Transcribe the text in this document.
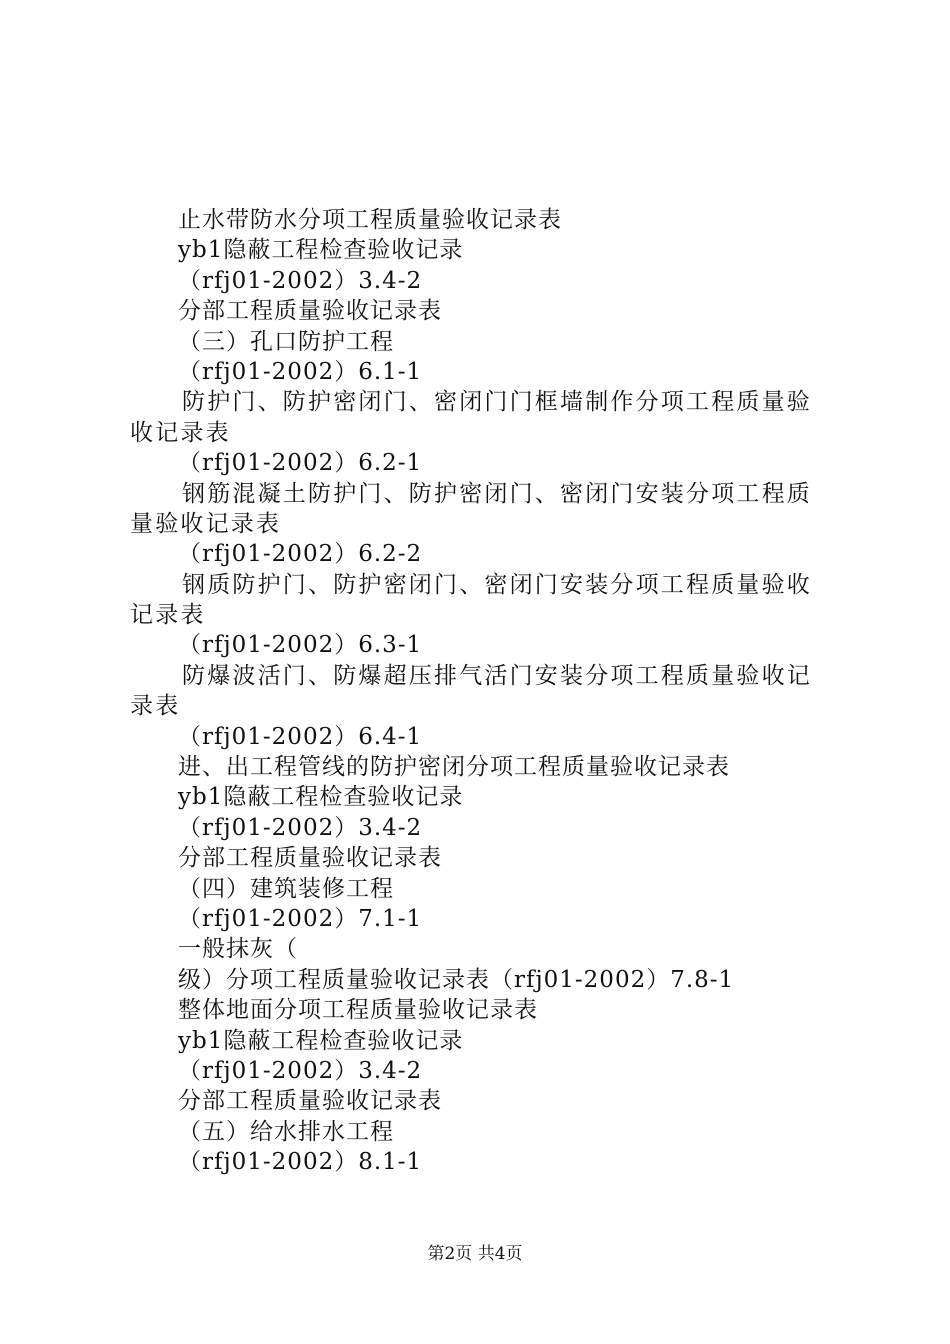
止水带防水分项工程质量验收记录表
yb1隐蔽工程检查验收记录
（rfj01-2002）3.4-2
分部工程质量验收记录表
（三）孔口防护工程
（rfj01-2002）6.1-1
防护门、防护密闭门、密闭门门框墙制作分项工程质量验
收记录表
（rfj01-2002）6.2-1
钢筋混凝土防护门、防护密闭门、密闭门安装分项工程质
量验收记录表
（rfj01-2002）6.2-2
钢质防护门、防护密闭门、密闭门安装分项工程质量验收
记录表
（rfj01-2002）6.3-1
防爆波活门、防爆超压排气活门安装分项工程质量验收记
录表
（rfj01-2002）6.4-1
进、出工程管线的防护密闭分项工程质量验收记录表
yb1隐蔽工程检查验收记录
（rfj01-2002）3.4-2
分部工程质量验收记录表
（四）建筑装修工程
（rfj01-2002）7.1-1
一般抹灰（
级）分项工程质量验收记录表（rfj01-2002）7.8-1
整体地面分项工程质量验收记录表
yb1隐蔽工程检查验收记录
（rfj01-2002）3.4-2
分部工程质量验收记录表
（五）给水排水工程
（rfj01-2002）8.1-1
第2页 共4页
